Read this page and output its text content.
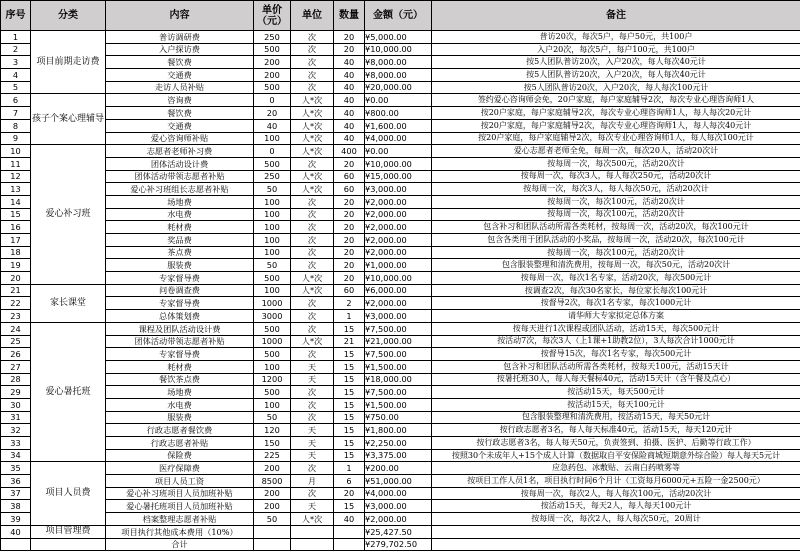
序号	分类	内容	单价（元）	单位	数量	金额（元）	备注
1	项目前期走访费	普访调研费	250	次	20	¥5,000.00	普访20次，每次5户，每户50元，共100户
2		入户探访费	500	次	20	¥10,000.00	入户20次，每次5户，每户100元，共100户
3		餐饮费	200	次	40	¥8,000.00	按5人团队普访20次，入户20次，每人每次40元计
4		交通费	200	次	40	¥8,000.00	按5人团队普访20次，入户20次，每人每次40元计
5		走访人员补贴	500	次	40	¥20,000.00	按5人团队普访20次，入户20次，每人每次100元计
6	孩子个案心理辅导	咨询费	0	人*次	40	¥0.00	签约爱心咨询师会免，20户家庭，每户家庭辅导2次，每次专业心理咨询师1人
7		餐饮费	20	人*次	40	¥800.00	按20户家庭，每户家庭辅导2次，每次专业心理咨询师1人，每人每次20元计
8		交通费	40	人*次	40	¥1,600.00	按20户家庭，每户家庭辅导2次，每次专业心理咨询师1人，每人每次40元计
9		爱心咨询师补贴	100	人*次	40	¥4,000.00	按20户家庭，每户家庭辅导2次，每次专业心理咨询师1人，每人每次100元计
10	爱心补习班	志愿者老师补习费	0	人*次	400	¥0.00	爱心志愿者老师全免，每周一次，每次20人，活动20次计
11		团体活动设计费	500	次	20	¥10,000.00	按每周一次，每次500元，活动20次计
12		团体活动带领志愿者补贴	250	人*次	60	¥15,000.00	按每周一次，每次3人，每人每次250元，活动20次计
13		爱心补习班组长志愿者补贴	50	人*次	60	¥3,000.00	按每周一次，每次3人，每人每次50元，活动20次计
14		场地费	100	次	20	¥2,000.00	按每周一次，每次100元，活动20次计
15		水电费	100	次	20	¥2,000.00	按每周一次，每次100元，活动20次计
16		耗材费	100	次	20	¥2,000.00	包含补习和团队活动所需各类耗材，按每周一次，活动20次，每次100元计
17		奖品费	100	次	20	¥2,000.00	包含各类用于团队活动的小奖品，按每周一次，活动20次，每次100元计
18		茶点费	100	次	20	¥2,000.00	按每周一次，每次100元，活动20次计
19		服装费	50	次	20	¥1,000.00	包含服装整理和清洗费用，按每周一次，每次50元，活动20次计
20		专家督导费	500	人*次	20	¥10,000.00	按每周一次，每次1名专家，活动20次，每次500元计
21	家长课堂	问卷调查费	100	人*次	60	¥6,000.00	按调查2次，每次30名家长，每位家长每次100元计
22		专家督导费	1000	次	2	¥2,000.00	按督导2次，每次1名专家，每次1000元计
23		总体策划费	3000	次	1	¥3,000.00	请华师大专家拟定总体方案
24	爱心暑托班	课程及团队活动设计费	500	次	15	¥7,500.00	按每天进行1次课程或团队活动，活动15天，每次500元计
25		团体活动带领志愿者补贴	1000	人*次	21	¥21,000.00	按活动7次，每次3人（上1课+1助教2位），3人每次合计1000元计
26		专家督导费	500	次	15	¥7,500.00	按督导15次，每次1名专家，每次500元计
27		耗材费	100	天	15	¥1,500.00	包含补习和团队活动所需各类耗材，按每天100元，活动15天计
28		餐饮茶点费	1200	天	15	¥18,000.00	按暑托班30人，每人每天餐标40元，活动15天计（含午餐及点心）
29		场地费	500	次	15	¥7,500.00	按活动15天，每天500元计
30		水电费	100	次	15	¥1,500.00	按活动15天，每天100元计
31		服装费	50	次	15	¥750.00	包含服装整理和清洗费用，按活动15天，每天50元计
32		行政志愿者餐饮费	120	天	15	¥1,800.00	按行政志愿者3名，每人每天标准40元，活动15天，每天120元计
33		行政志愿者补贴	150	天	15	¥2,250.00	按行政志愿者3名，每人每天50元，负责签到、拍摄、医护、后勤等行政工作）
34		保险费	225	天	15	¥3,375.00	按照30个未成年人+15个成人计算（数据取自平安保险商城短期意外综合险）每人每天5元计
35	项目人员费	医疗保障费	200	次	1	¥200.00	应急药包、冰敷贴、云南白药喷雾等
36		项目人员工资	8500	月	6	¥51,000.00	按项目工作人员1名，项目执行时间6个月计（工资每月6000元+五险一金2500元）
37		爱心补习班项目人员加班补贴	200	次	20	¥4,000.00	按每周一次，每次2人，每人每次100元，活动20次计
38		爱心暑托班项目人员加班补贴	200	天	15	¥3,000.00	按活动15天，每天2人，每人每天100元计
39		档案整理志愿者补贴	50	人*次	40	¥2,000.00	按每周一次，每次2人，每人每次50元，20周计
40	项目管理费	项目执行其他成本费用（10%）				¥25,427.50	
		合计				¥279,702.50	
